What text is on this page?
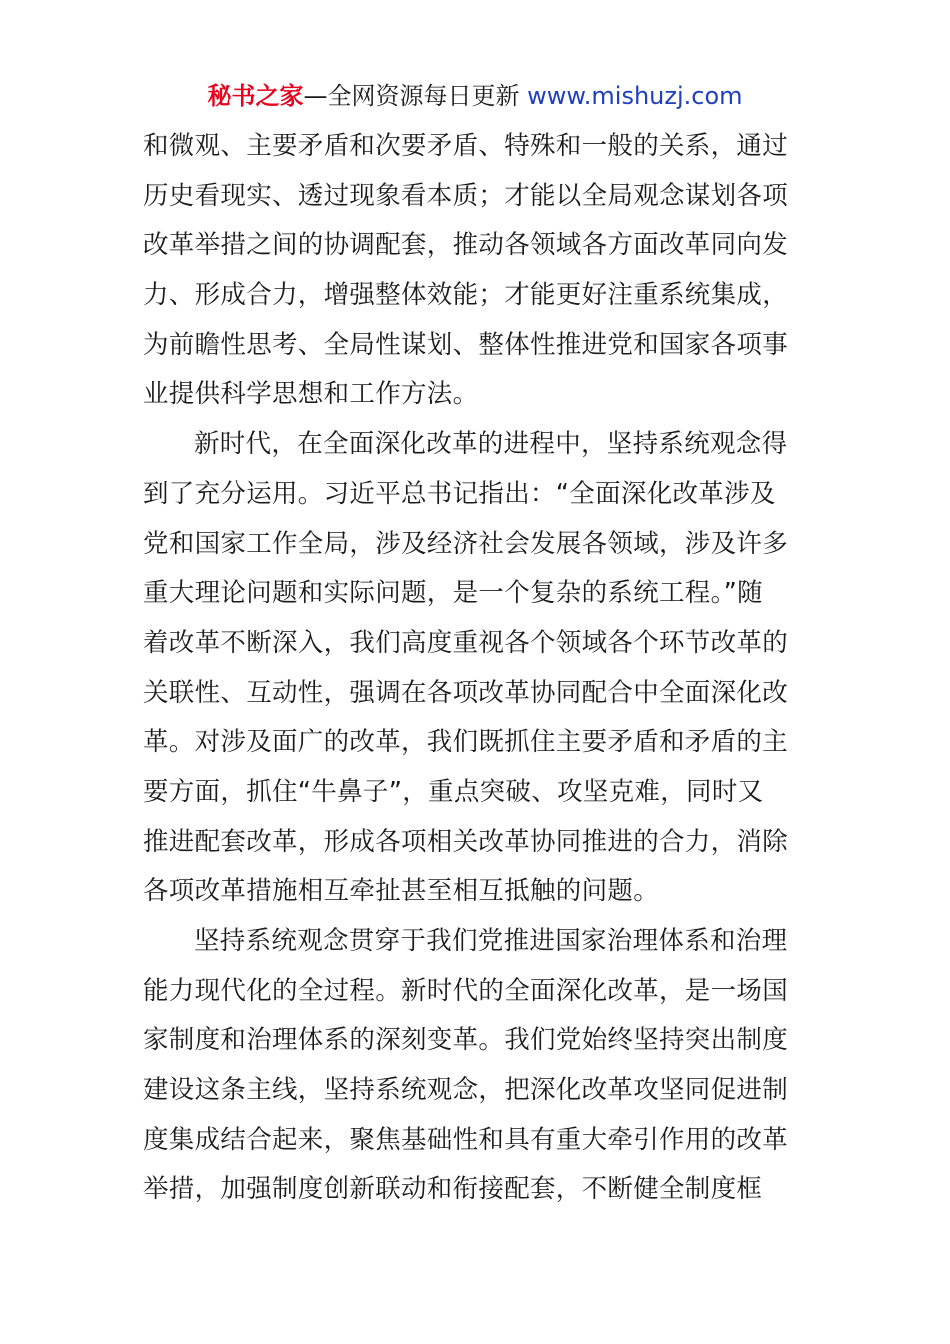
秘书之家—全网资源每日更新 www.mishuzj.com
和微观、主要矛盾和次要矛盾、特殊和一般的关系，通过
历史看现实、透过现象看本质；才能以全局观念谋划各项
改革举措之间的协调配套，推动各领域各方面改革同向发
力、形成合力，增强整体效能；才能更好注重系统集成，
为前瞻性思考、全局性谋划、整体性推进党和国家各项事
业提供科学思想和工作方法。
新时代，在全面深化改革的进程中，坚持系统观念得
到了充分运用。习近平总书记指出：“全面深化改革涉及
党和国家工作全局，涉及经济社会发展各领域，涉及许多
重大理论问题和实际问题，是一个复杂的系统工程。”随
着改革不断深入，我们高度重视各个领域各个环节改革的
关联性、互动性，强调在各项改革协同配合中全面深化改
革。对涉及面广的改革，我们既抓住主要矛盾和矛盾的主
要方面，抓住“牛鼻子”，重点突破、攻坚克难，同时又
推进配套改革，形成各项相关改革协同推进的合力，消除
各项改革措施相互牵扯甚至相互抵触的问题。
坚持系统观念贯穿于我们党推进国家治理体系和治理
能力现代化的全过程。新时代的全面深化改革，是一场国
家制度和治理体系的深刻变革。我们党始终坚持突出制度
建设这条主线，坚持系统观念，把深化改革攻坚同促进制
度集成结合起来，聚焦基础性和具有重大牵引作用的改革
举措，加强制度创新联动和衔接配套，不断健全制度框
